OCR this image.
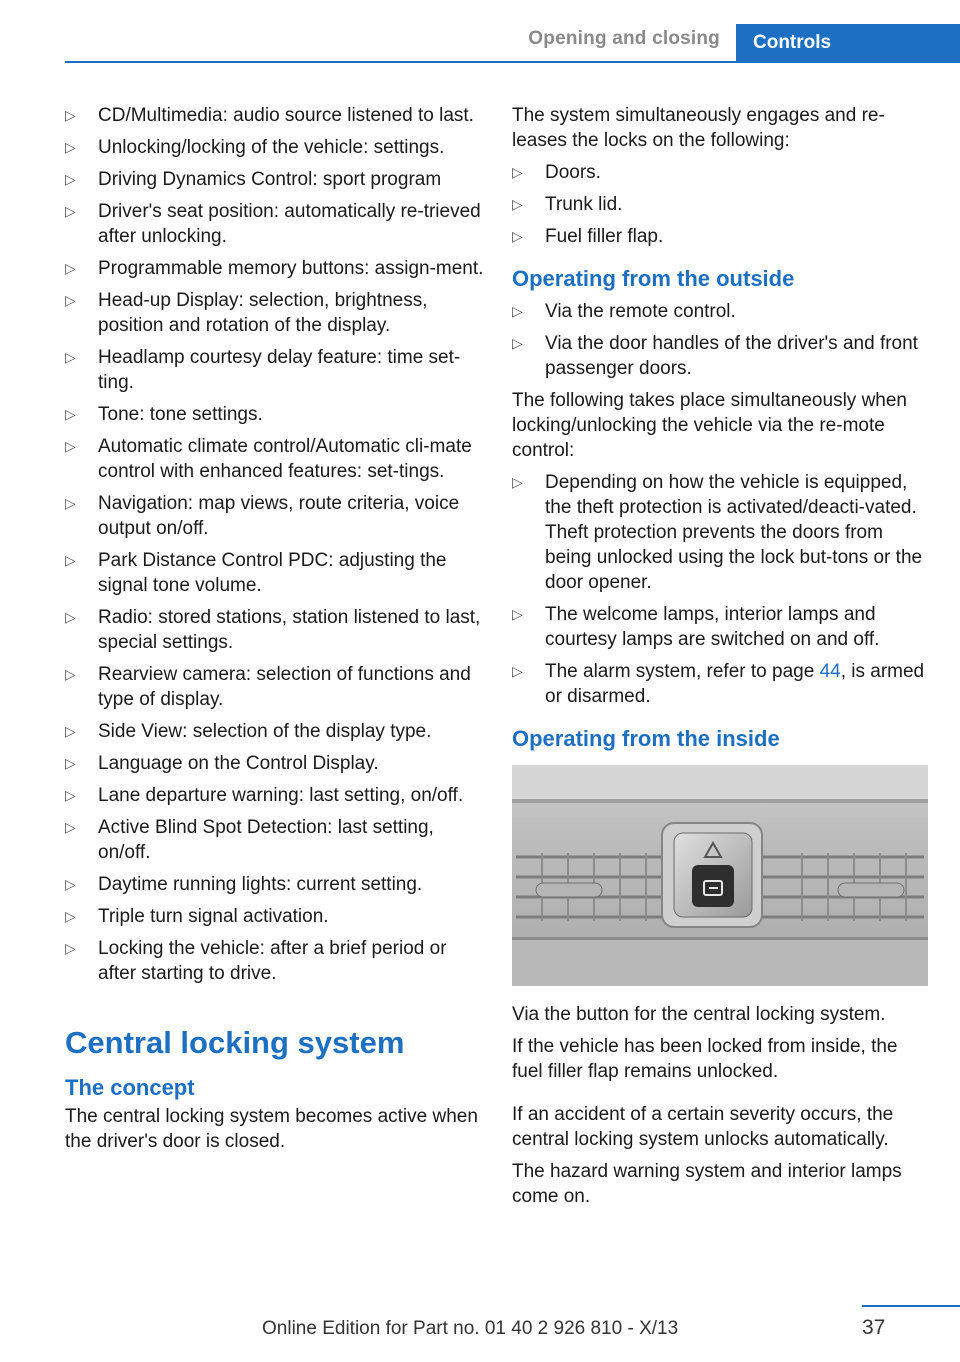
Opening and closing	Controls
▷ CD/Multimedia: audio source listened to last.
▷ Unlocking/locking of the vehicle: settings.
▷ Driving Dynamics Control: sport program
▷ Driver's seat position: automatically re-trieved after unlocking.
▷ Programmable memory buttons: assign-ment.
▷ Head-up Display: selection, brightness, position and rotation of the display.
▷ Headlamp courtesy delay feature: time set-ting.
▷ Tone: tone settings.
▷ Automatic climate control/Automatic cli-mate control with enhanced features: set-tings.
▷ Navigation: map views, route criteria, voice output on/off.
▷ Park Distance Control PDC: adjusting the signal tone volume.
▷ Radio: stored stations, station listened to last, special settings.
▷ Rearview camera: selection of functions and type of display.
▷ Side View: selection of the display type.
▷ Language on the Control Display.
▷ Lane departure warning: last setting, on/off.
▷ Active Blind Spot Detection: last setting, on/off.
▷ Daytime running lights: current setting.
▷ Triple turn signal activation.
▷ Locking the vehicle: after a brief period or after starting to drive.
Central locking system
The concept

The central locking system becomes active when the driver's door is closed.

The system simultaneously engages and re-leases the locks on the following:

▷ Doors.
▷ Trunk lid.
▷ Fuel filler flap.
Operating from the outside
▷ Via the remote control.
▷ Via the door handles of the driver's and front passenger doors.

The following takes place simultaneously when locking/unlocking the vehicle via the re-mote control:

▷ Depending on how the vehicle is equipped, the theft protection is activated/deacti-vated. Theft protection prevents the doors from being unlocked using the lock but-tons or the door opener.
▷ The welcome lamps, interior lamps and courtesy lamps are switched on and off.
▷ The alarm system, refer to page 44, is armed or disarmed.
Operating from the inside

Via the button for the central locking system.

If the vehicle has been locked from inside, the fuel filler flap remains unlocked.

If an accident of a certain severity occurs, the central locking system unlocks automatically.

The hazard warning system and interior lamps come on.

37
Online Edition for Part no. 01 40 2 926 810 - X/13
